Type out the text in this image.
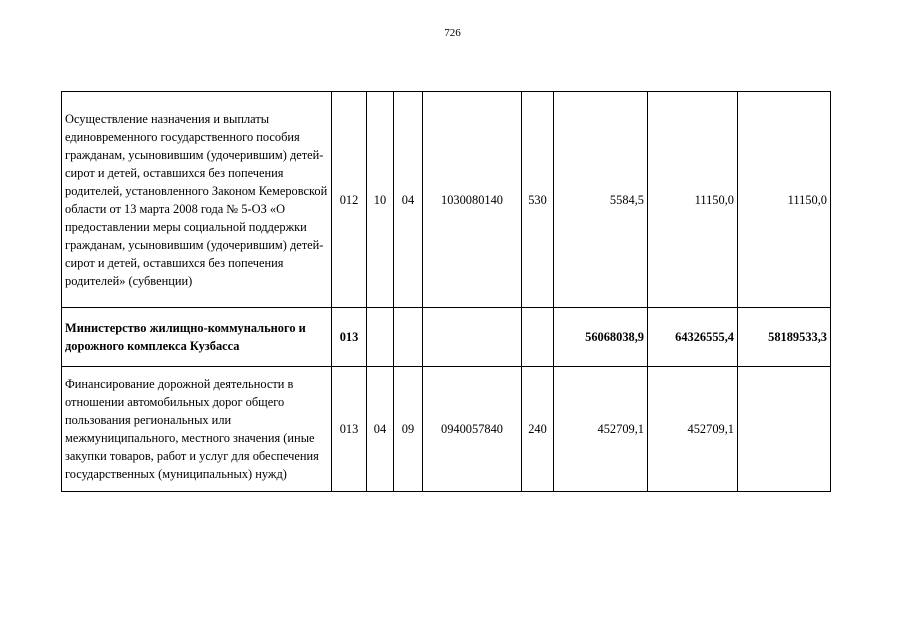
726
Осуществление назначения и выплаты единовременного государственного пособия гражданам, усыновившим (удочерившим) детей-сирот и детей, оставшихся без попечения родителей, установленного Законом Кемеровской области от 13 марта 2008 года № 5-ОЗ «О предоставлении меры социальной поддержки гражданам, усыновившим (удочерившим) детей-сирот и детей, оставшихся без попечения родителей» (субвенции)	012	10	04	1030080140	530	5584,5	11150,0	11150,0
Министерство жилищно-коммунального и дорожного комплекса Кузбасса	013					56068038,9	64326555,4	58189533,3
Финансирование дорожной деятельности в отношении автомобильных дорог общего пользования региональных или межмуниципального, местного значения (иные закупки товаров, работ и услуг для обеспечения государственных (муниципальных) нужд)	013	04	09	0940057840	240	452709,1	452709,1	
